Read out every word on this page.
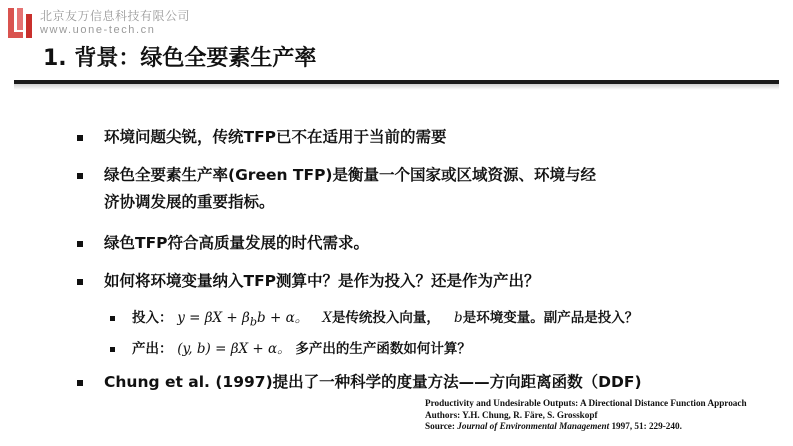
北京友万信息科技有限公司
www.uone-tech.cn
1. 背景：绿色全要素生产率
环境问题尖锐，传统TFP已不在适用于当前的需要
绿色全要素生产率(Green TFP)是衡量一个国家或区域资源、环境与经
济协调发展的重要指标。
绿色TFP符合高质量发展的时代需求。
如何将环境变量纳入TFP测算中？是作为投入？还是作为产出？
投入： $y = \beta X + \beta_bb + \alpha$。 X是传统投入向量， b是环境变量。副产品是投入？
产出： (y, b) = βX + α。 多产出的生产函数如何计算？
Chung et al. (1997)提出了一种科学的度量方法——方向距离函数（DDF)
Productivity and Undesirable Outputs: A Directional Distance Function Approach
Authors: Y.H. Chung, R. Färe, S. Grosskopf
Source: Journal of Environmental Management 1997, 51: 229-240.
